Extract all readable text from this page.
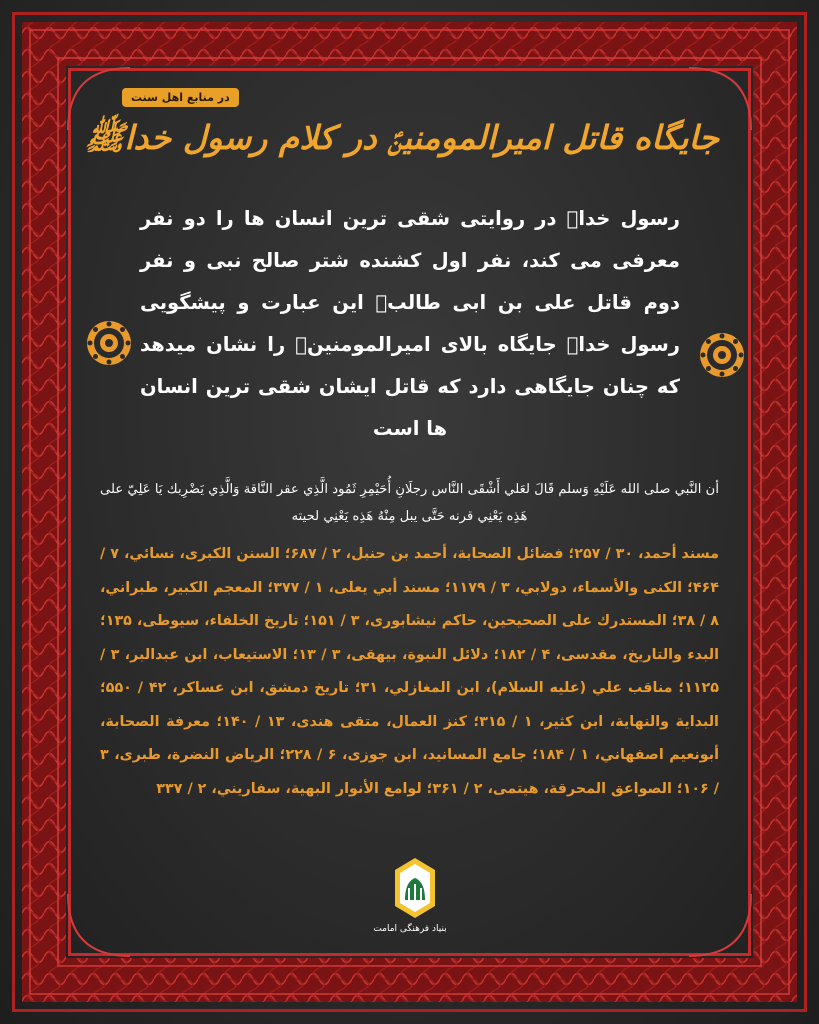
در منابع اهل سنت
جایگاه قاتل امیرالمومنینؑ در کلام رسول خداﷺ
رسول خداﷺ در روایتی شقی ترین انسان ها را دو نفر معرفی می کند، نفر اول کشنده شتر صالح نبی و نفر دوم قاتل علی بن ابی طالبؑ این عبارت و پیشگویی رسول خداﷺ جایگاه بالای امیرالمومنینؑ را نشان میدهد که چنان جایگاهی دارد که قاتل ایشان شقی ترین انسان ها است
أن النَّبي صلى الله عَلَيْهِ وَسلم قَالَ لعَلي أَشْقَى النَّاس رجلَانِ أُحَيْمِرِ ثَمُود الَّذِي عقر النَّاقة وَالَّذِي يَضْرِبك يَا عَلِيّ على هَذِه يَعْنِي قرنه حَتَّى يبل مِنْهُ هَذِه يَعْنِي لحيته
مسند أحمد، ۳۰ / ۲۵۷؛ فضائل الصحابة، أحمد بن حنبل، ۲ / ۶۸۷؛ السنن الكبرى، نسائي، ۷ / ۴۶۴؛ الكنى والأسماء، دولابي، ۳ / ۱۱۷۹؛ مسند أبي يعلى، ۱ / ۳۷۷؛ المعجم الكبير، طبراني، ۸ / ۳۸؛ المستدرك على الصحيحين، حاکم نیشابوری، ۳ / ۱۵۱؛ تاريخ الخلفاء، سیوطی، ۱۳۵؛ البدء والتاريخ، مقدسی، ۴ / ۱۸۲؛ دلائل النبوة، بیهقی، ۳ / ۱۳؛ الاستيعاب، ابن عبدالبر، ۳ / ۱۱۲۵؛ مناقب علي (عليه السلام)، ابن المغازلي، ۳۱؛ تاريخ دمشق، ابن عساکر، ۴۲ / ۵۵۰؛ البداية والنهاية، ابن كثير، ۱ / ۳۱۵؛ كنز العمال، متقی هندی، ۱۳ / ۱۴۰؛ معرفة الصحابة، أبونعيم اصفهاني، ۱ / ۱۸۴؛ جامع المسانيد، ابن جوزی، ۶ / ۲۲۸؛ الرياض النضرة، طبری، ۳ / ۱۰۶؛ الصواعق المحرقة، هیتمی، ۲ / ۳۶۱؛ لوامع الأنوار البهية، سفاريني، ۲ / ۳۳۷
بنیاد فرهنگی امامت
